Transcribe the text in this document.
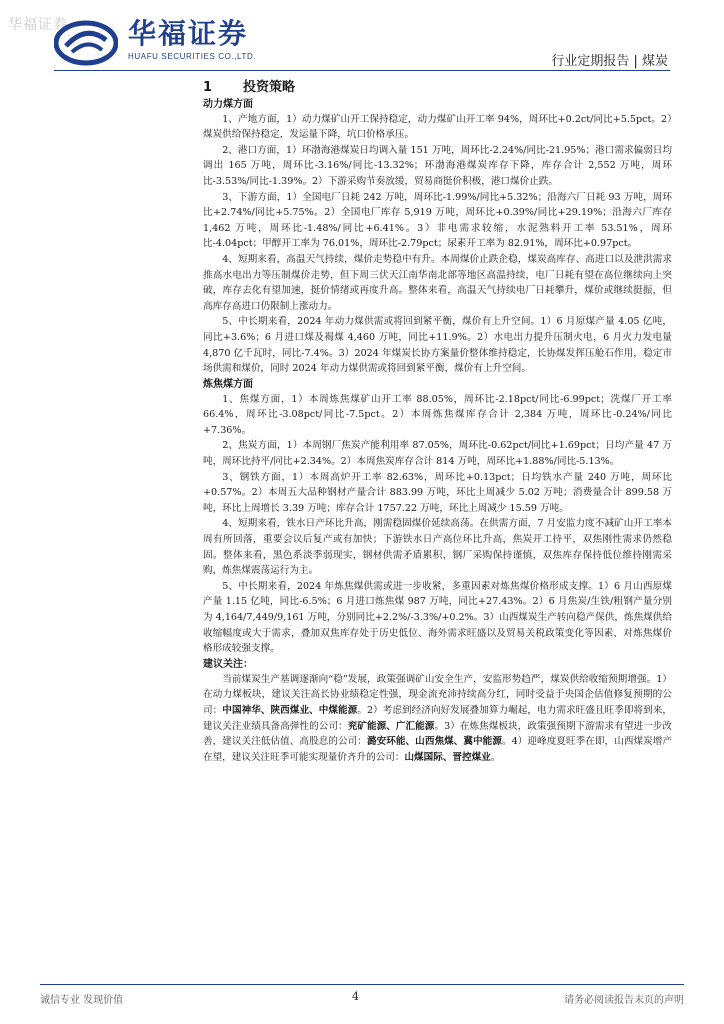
华福证券 华福证券
HUAFU SECURITIES CO.,LTD.	行业定期报告 | 煤炭
1 投资策略
动力煤方面

1、产地方面，1）动力煤矿山开工保持稳定，动力煤矿山开工率 94%，周环比+0.2ct/同比+5.5pct。2）煤炭供给保持稳定，发运量下降，坑口价格承压。

2、港口方面，1）环渤海港煤炭日均调入量 151 万吨，周环比-2.24%/同比-21.95%；港口需求偏弱日均调出 165 万吨，周环比-3.16%/同比-13.32%；环渤海港煤炭库存下降，库存合计 2,552 万吨，周环比-3.53%/同比-1.39%。2）下游采购节奏放缓，贸易商挺价积极，港口煤价止跌。

3、下游方面，1）全国电厂日耗 242 万吨，周环比-1.99%/同比+5.32%；沿海六厂日耗 93 万吨，周环比+2.74%/同比+5.75%。2）全国电厂库存 5,919 万吨，周环比+0.39%/同比+29.19%；沿海六厂库存 1,462 万吨，周环比-1.48%/同比+6.41%。3）非电需求较缩，水泥熟料开工率 53.51%，周环比-4.04pct；甲醇开工率为 76.01%，周环比-2.79pct；尿素开工率为 82.91%，周环比+0.97pct。

4、短期来看，高温天气持续，煤价走势稳中有升。本周煤价止跌企稳，煤炭高库存、高进口以及泄洪需求推高水电出力等压制煤价走势，但下周三伏天江南华南北部等地区高温持续，电厂日耗有望在高位继续向上突破，库存去化有望加速，挺价情绪或再度升高。整体来看，高温天气持续电厂日耗攀升，煤价或继续挺振，但高库存高进口仍限制上涨动力。

5、中长期来看，2024 年动力煤供需或将回到紧平衡，煤价有上升空间。1）6 月原煤产量 4.05 亿吨，同比+3.6%；6 月进口煤及褐煤 4,460 万吨，同比+11.9%。2）水电出力提升压制火电，6 月火力发电量 4,870 亿千瓦时，同比-7.4%。3）2024 年煤炭长协方案量价整体维持稳定，长协煤发挥压舱石作用，稳定市场供需和煤价，同时 2024 年动力煤供需或将回到紧平衡，煤价有上升空间。

炼焦煤方面

1、焦煤方面，1）本周炼焦煤矿山开工率 88.05%，周环比-2.18pct/同比-6.99pct；洗煤厂开工率 66.4%，周环比-3.08pct/同比-7.5pct。2）本周炼焦煤库存合计 2,384 万吨，周环比-0.24%/同比+7.36%。

2、焦炭方面，1）本周钢厂焦炭产能利用率 87.05%，周环比-0.62pct/同比+1.69pct；日均产量 47 万吨，周环比持平/同比+2.34%。2）本周焦炭库存合计 814 万吨，周环比+1.88%/同比-5.13%。

3、钢铁方面，1）本周高炉开工率 82.63%，周环比+0.13pct；日均铁水产量 240 万吨，周环比+0.57%。2）本周五大品种钢材产量合计 883.99 万吨，环比上周减少 5.02 万吨；消费量合计 899.58 万吨，环比上周增长 3.39 万吨；库存合计 1757.22 万吨，环比上周减少 15.59 万吨。

4、短期来看，铁水日产环比升高，刚需稳固煤价延续高荡。在供需方面，7 月安监力度不减矿山开工率本周有所回落，重要会议后复产或有加快；下游铁水日产高位环比升高，焦炭开工持平，双焦刚性需求仍然稳固。整体来看，黑色系淡季弱现实，钢材供需矛盾累积，钢厂采购保持谨慎，双焦库存保持低位维持刚需采购，炼焦煤震荡运行为主。

5、中长期来看，2024 年炼焦煤供需或进一步收紧，多重因素对炼焦煤价格形成支撑。1）6 月山西原煤产量 1.15 亿吨，同比-6.5%；6 月进口炼焦煤 987 万吨，同比+27.43%。2）6 月焦炭/生铁/粗钢产量分别为 4,164/7,449/9,161 万吨，分别同比+2.2%/-3.3%/+0.2%。3）山西煤炭生产转向稳产保供，炼焦煤供给收缩幅度或大于需求，叠加双焦库存处于历史低位、海外需求旺盛以及贸易关税政策变化等因素，对炼焦煤价格形成较强支撑。

建议关注：

当前煤炭生产基调逐渐向“稳”发展，政策强调矿山安全生产，安监形势趋严，煤炭供给收缩预期增强。1）在动力煤板块，建议关注高长协业绩稳定性强，现金流充沛持续高分红，同时受益于央国企估值修复预期的公司：中国神华、陕西煤业、中煤能源。2）考虑到经济向好发展叠加算力崛起，电力需求旺盛且旺季即将到来，建议关注业绩具备高弹性的公司：兖矿能源、广汇能源。3）在炼焦煤板块，政策强预期下游需求有望进一步改善，建议关注低估值、高股息的公司：潞安环能、山西焦煤、冀中能源。4）迎峰度夏旺季在即，山西煤炭增产在望，建议关注旺季可能实现量价齐升的公司：山煤国际、晋控煤业。

诚信专业 发现价值	4	请务必阅读报告末页的声明
